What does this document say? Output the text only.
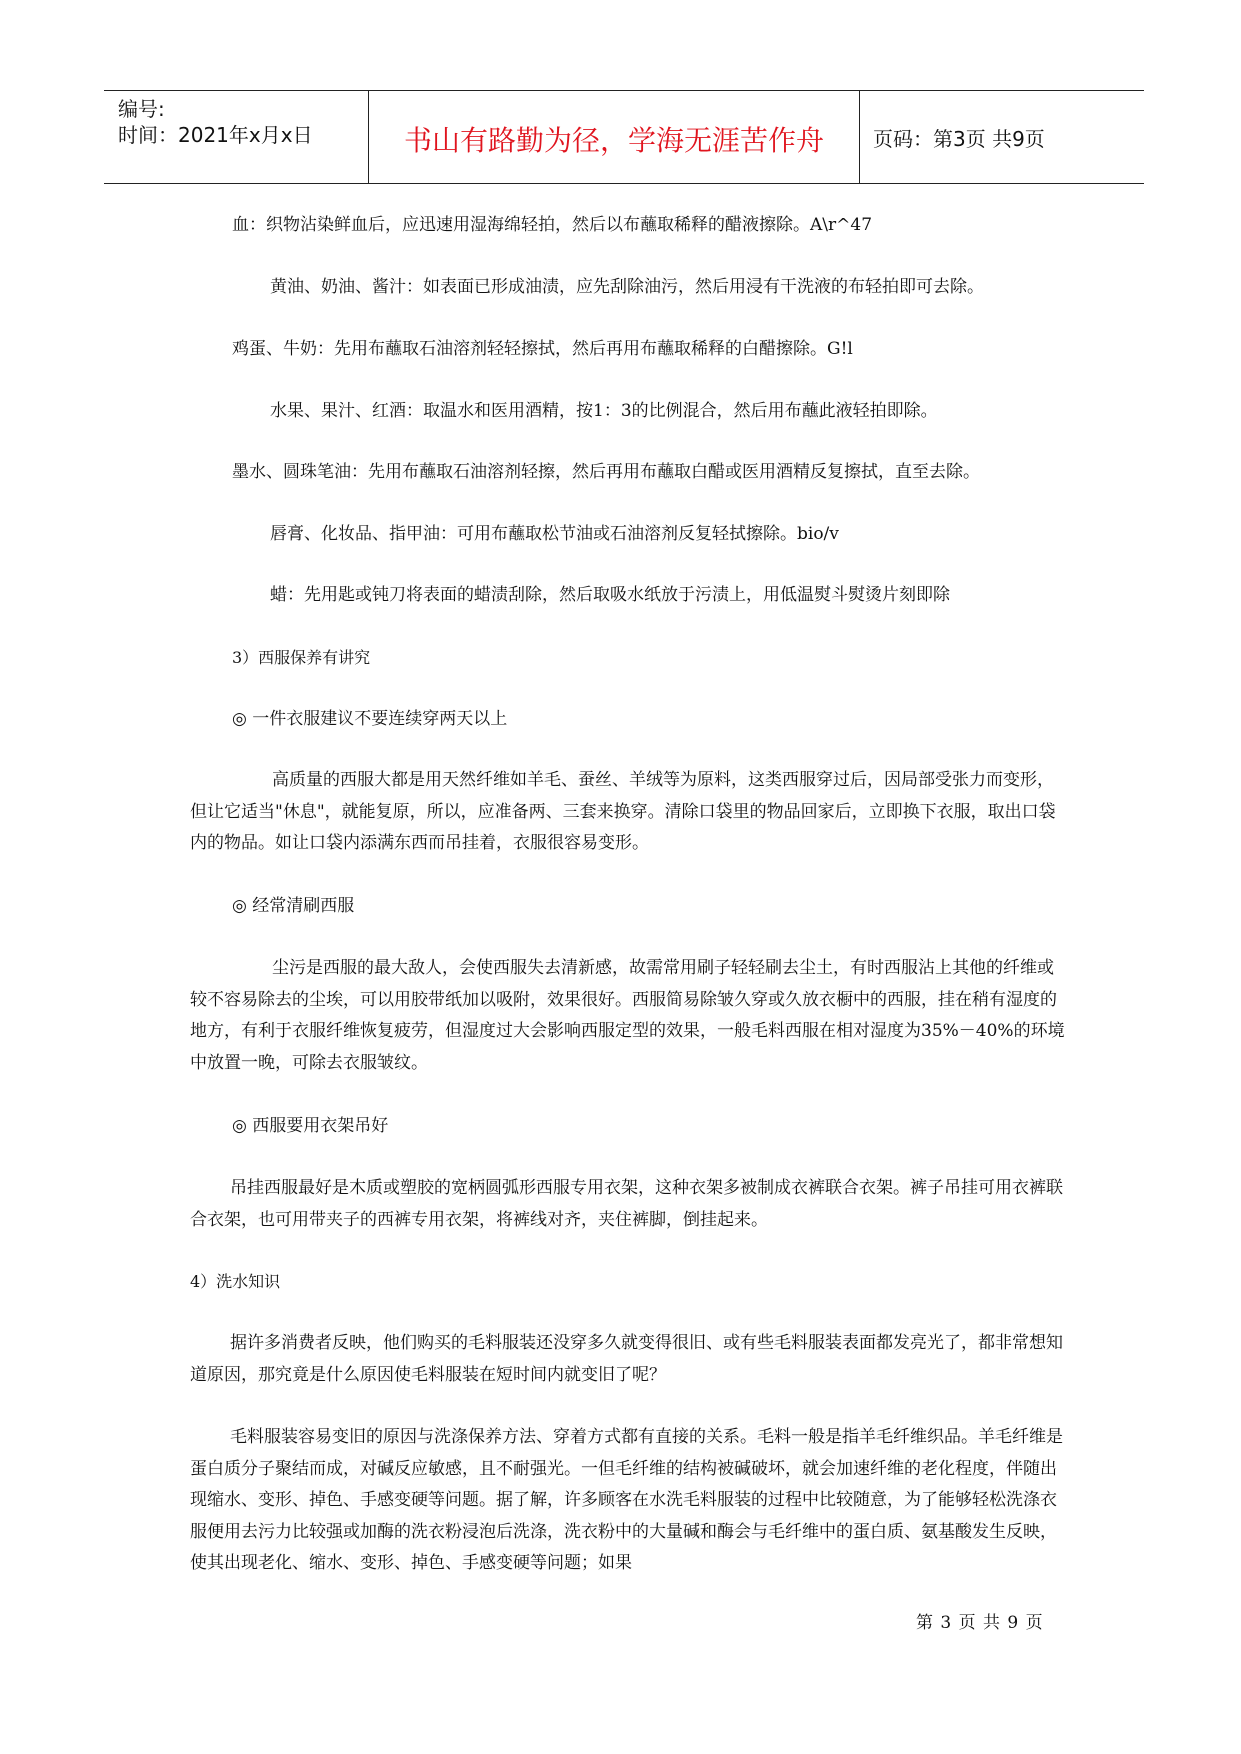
编号:
时间：2021年x月x日	书山有路勤为径，学海无涯苦作舟	页码：第3页 共9页
血：织物沾染鲜血后，应迅速用湿海绵轻拍，然后以布蘸取稀释的醋液擦除。A\r^47
黄油、奶油、酱汁：如表面已形成油渍，应先刮除油污，然后用浸有干洗液的布轻拍即可去除。
鸡蛋、牛奶：先用布蘸取石油溶剂轻轻擦拭，然后再用布蘸取稀释的白醋擦除。G!l
水果、果汁、红酒：取温水和医用酒精，按1：3的比例混合，然后用布蘸此液轻拍即除。
墨水、圆珠笔油：先用布蘸取石油溶剂轻擦，然后再用布蘸取白醋或医用酒精反复擦拭，直至去除。
唇膏、化妆品、指甲油：可用布蘸取松节油或石油溶剂反复轻拭擦除。bio/v
蜡：先用匙或钝刀将表面的蜡渍刮除，然后取吸水纸放于污渍上，用低温熨斗熨烫片刻即除
3）西服保养有讲究
◎ 一件衣服建议不要连续穿两天以上
高质量的西服大都是用天然纤维如羊毛、蚕丝、羊绒等为原料，这类西服穿过后，因局部受张力而变形，但让它适当"休息"，就能复原，所以，应准备两、三套来换穿。清除口袋里的物品回家后，立即换下衣服，取出口袋内的物品。如让口袋内添满东西而吊挂着，衣服很容易变形。
◎ 经常清刷西服
尘污是西服的最大敌人，会使西服失去清新感，故需常用刷子轻轻刷去尘土，有时西服沾上其他的纤维或较不容易除去的尘埃，可以用胶带纸加以吸附，效果很好。西服简易除皱久穿或久放衣橱中的西服，挂在稍有湿度的地方，有利于衣服纤维恢复疲劳，但湿度过大会影响西服定型的效果，一般毛料西服在相对湿度为35%－40%的环境中放置一晚，可除去衣服皱纹。
◎ 西服要用衣架吊好
吊挂西服最好是木质或塑胶的宽柄圆弧形西服专用衣架，这种衣架多被制成衣裤联合衣架。裤子吊挂可用衣裤联合衣架，也可用带夹子的西裤专用衣架，将裤线对齐，夹住裤脚，倒挂起来。
4）洗水知识
据许多消费者反映，他们购买的毛料服装还没穿多久就变得很旧、或有些毛料服装表面都发亮光了，都非常想知道原因，那究竟是什么原因使毛料服装在短时间内就变旧了呢？
毛料服装容易变旧的原因与洗涤保养方法、穿着方式都有直接的关系。毛料一般是指羊毛纤维织品。羊毛纤维是蛋白质分子聚结而成，对碱反应敏感，且不耐强光。一但毛纤维的结构被碱破坏，就会加速纤维的老化程度，伴随出现缩水、变形、掉色、手感变硬等问题。据了解，许多顾客在水洗毛料服装的过程中比较随意，为了能够轻松洗涤衣服便用去污力比较强或加酶的洗衣粉浸泡后洗涤，洗衣粉中的大量碱和酶会与毛纤维中的蛋白质、氨基酸发生反映，使其出现老化、缩水、变形、掉色、手感变硬等问题；如果
第 3 页 共 9 页
